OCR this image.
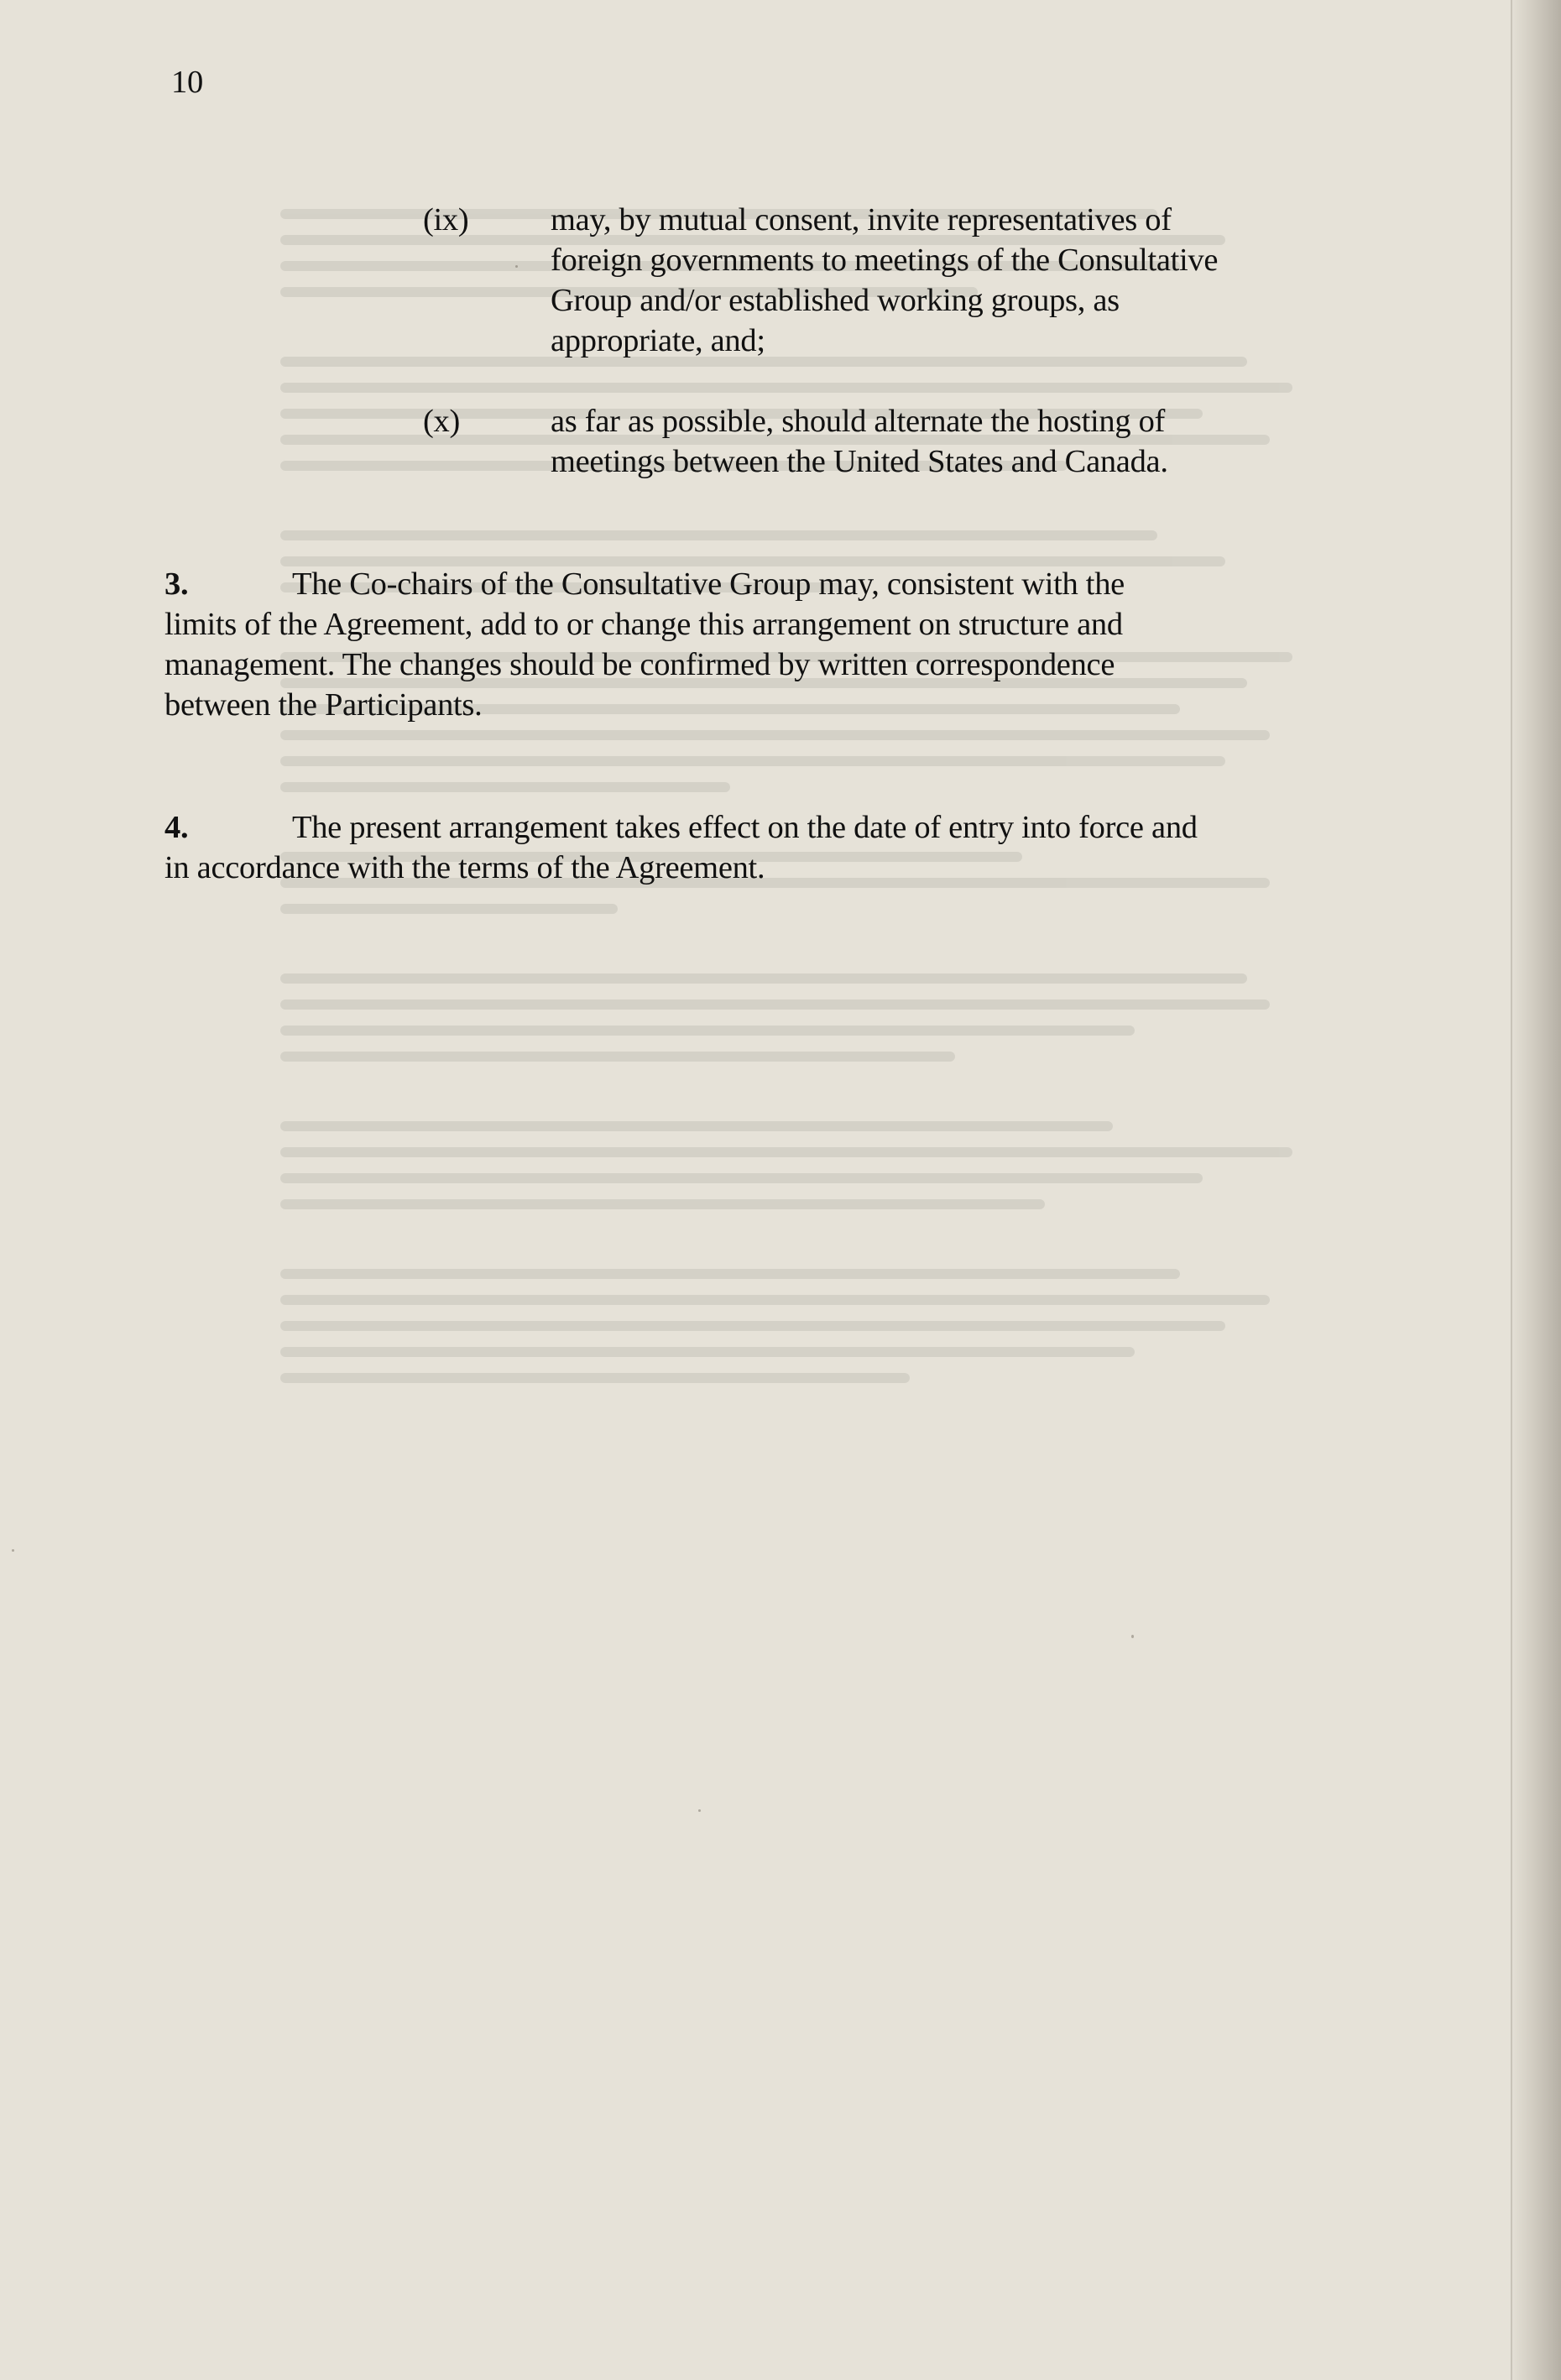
10
(ix)	may, by mutual consent, invite representatives of
foreign governments to meetings of the Consultative
Group and/or established working groups, as
appropriate, and;
(x)	as far as possible, should alternate the hosting of
meetings between the United States and Canada.
3.	The Co-chairs of the Consultative Group may, consistent with the
limits of the Agreement, add to or change this arrangement on structure and
management. The changes should be confirmed by written correspondence
between the Participants.
4.	The present arrangement takes effect on the date of entry into force and
in accordance with the terms of the Agreement.
